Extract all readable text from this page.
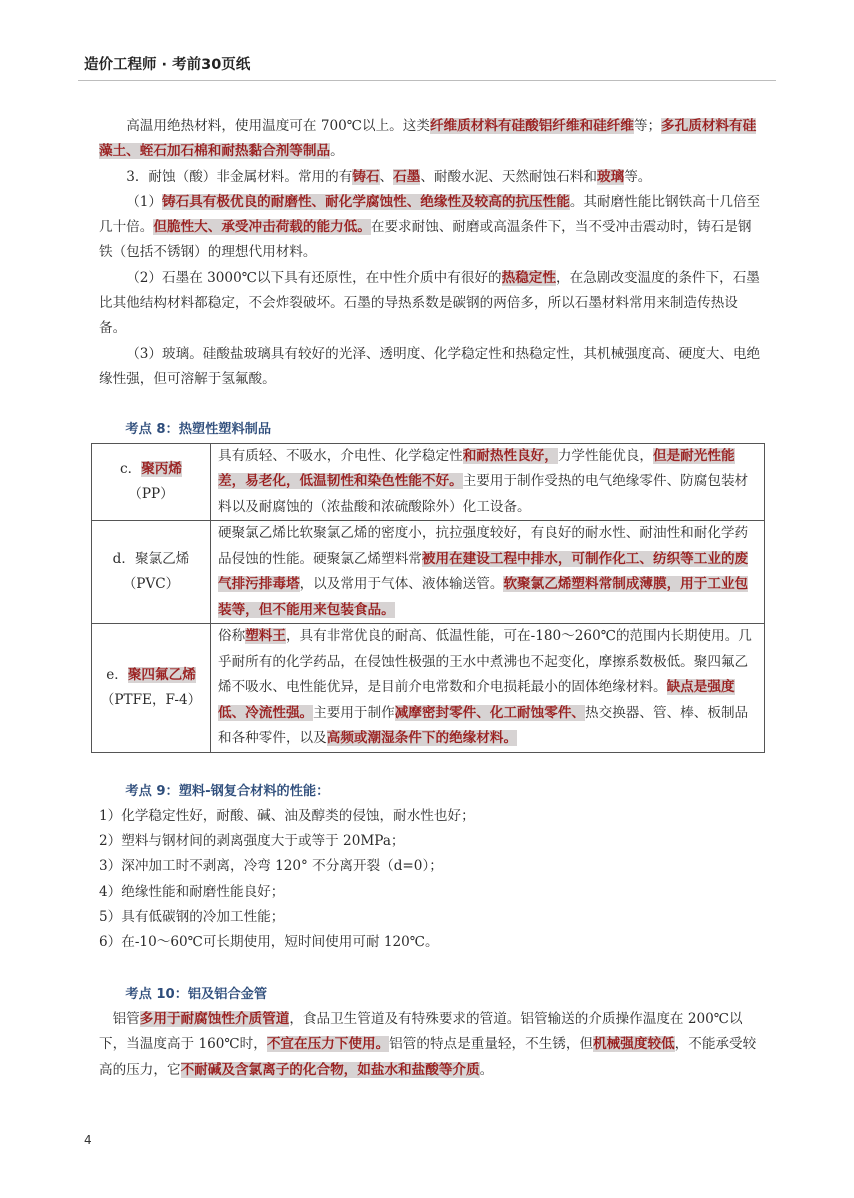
造价工程师 · 考前30页纸

高温用绝热材料，使用温度可在 700℃以上。这类纤维质材料有硅酸铝纤维和硅纤维等；多孔质材料有硅藻土、蛭石加石棉和耐热黏合剂等制品。

3．耐蚀（酸）非金属材料。常用的有铸石、石墨、耐酸水泥、天然耐蚀石料和玻璃等。

（1）铸石具有极优良的耐磨性、耐化学腐蚀性、绝缘性及较高的抗压性能。其耐磨性能比钢铁高十几倍至几十倍。但脆性大、承受冲击荷载的能力低。在要求耐蚀、耐磨或高温条件下，当不受冲击震动时，铸石是钢铁（包括不锈钢）的理想代用材料。

（2）石墨在 3000℃以下具有还原性，在中性介质中有很好的热稳定性，在急剧改变温度的条件下，石墨比其他结构材料都稳定，不会炸裂破坏。石墨的导热系数是碳钢的两倍多，所以石墨材料常用来制造传热设备。

（3）玻璃。硅酸盐玻璃具有较好的光泽、透明度、化学稳定性和热稳定性，其机械强度高、硬度大、电绝缘性强，但可溶解于氢氟酸。

考点 8：热塑性塑料制品

c．聚丙烯
（PP）	具有质轻、不吸水，介电性、化学稳定性和耐热性良好，力学性能优良，但是耐光性能差，易老化，低温韧性和染色性能不好。主要用于制作受热的电气绝缘零件、防腐包装材料以及耐腐蚀的（浓盐酸和浓硫酸除外）化工设备。
d．聚氯乙烯
（PVC）	硬聚氯乙烯比软聚氯乙烯的密度小，抗拉强度较好，有良好的耐水性、耐油性和耐化学药品侵蚀的性能。硬聚氯乙烯塑料常被用在建设工程中排水，可制作化工、纺织等工业的废气排污排毒塔，以及常用于气体、液体输送管。软聚氯乙烯塑料常制成薄膜，用于工业包装等，但不能用来包装食品。
e．聚四氟乙烯
（PTFE，F-4）	俗称塑料王，具有非常优良的耐高、低温性能，可在-180～260℃的范围内长期使用。几乎耐所有的化学药品，在侵蚀性极强的王水中煮沸也不起变化，摩擦系数极低。聚四氟乙烯不吸水、电性能优异，是目前介电常数和介电损耗最小的固体绝缘材料。缺点是强度低、冷流性强。主要用于制作减摩密封零件、化工耐蚀零件、热交换器、管、棒、板制品和各种零件，以及高频或潮湿条件下的绝缘材料。

考点 9：塑料-钢复合材料的性能：

1）化学稳定性好，耐酸、碱、油及醇类的侵蚀，耐水性也好；

2）塑料与钢材间的剥离强度大于或等于 20MPa；

3）深冲加工时不剥离，冷弯 120° 不分离开裂（d=0）；

4）绝缘性能和耐磨性能良好；

5）具有低碳钢的冷加工性能；

6）在-10～60℃可长期使用，短时间使用可耐 120℃。

考点 10：铝及铝合金管

铝管多用于耐腐蚀性介质管道，食品卫生管道及有特殊要求的管道。铝管输送的介质操作温度在 200℃以下，当温度高于 160℃时，不宜在压力下使用。铝管的特点是重量轻，不生锈，但机械强度较低，不能承受较高的压力，它不耐碱及含氯离子的化合物，如盐水和盐酸等介质。

4
